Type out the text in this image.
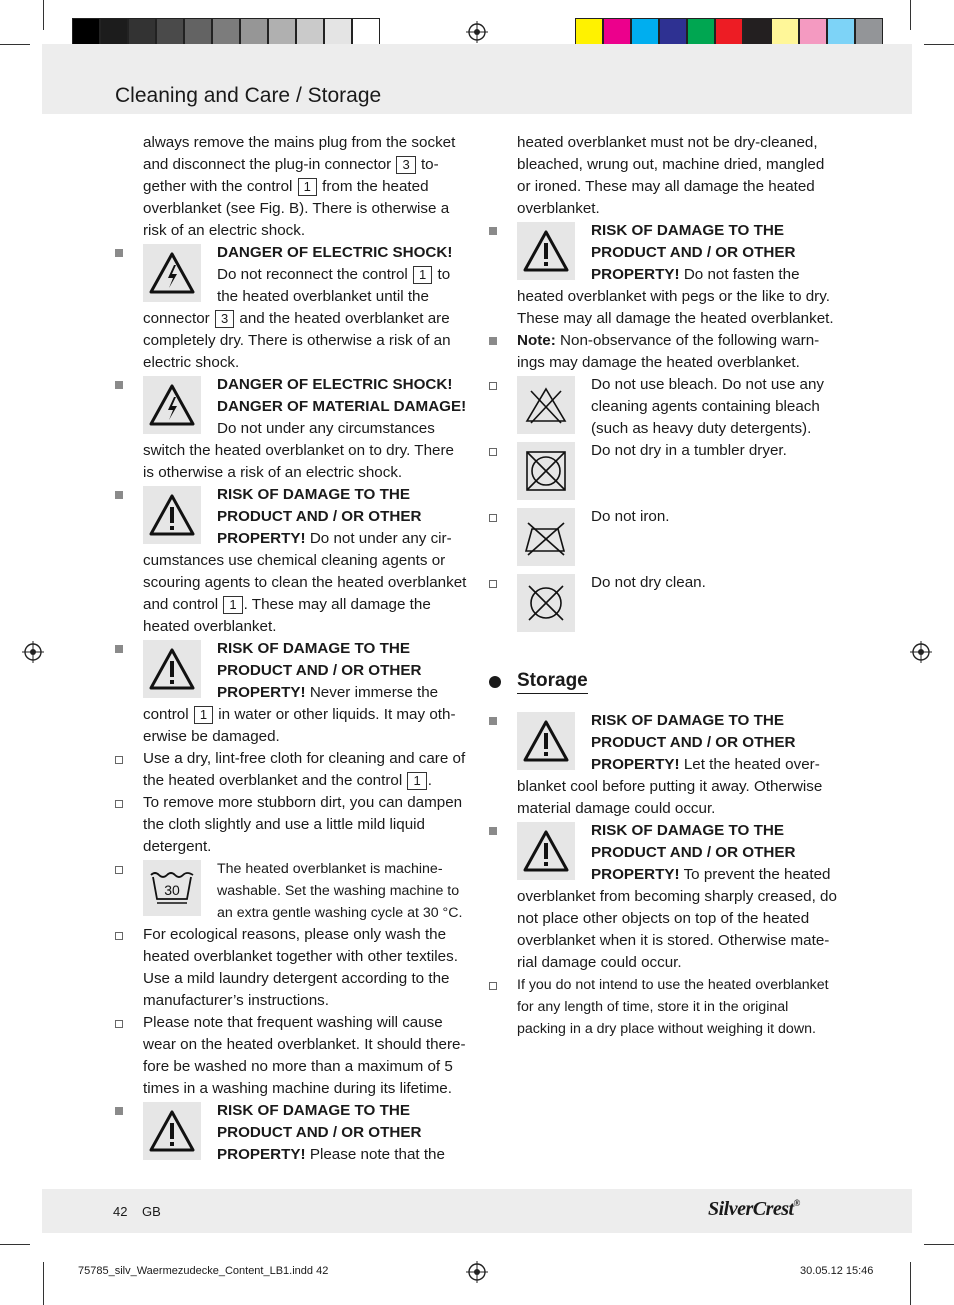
Cleaning and Care / Storage
always remove the mains plug from the socket and disconnect the plug-in connector 3 together with the control 1 from the heated overblanket (see Fig. B). There is otherwise a risk of an electric shock.
DANGER OF ELECTRIC SHOCK! Do not reconnect the control 1 to the heated overblanket until the connector 3 and the heated overblanket are completely dry. There is otherwise a risk of an electric shock.
DANGER OF ELECTRIC SHOCK! DANGER OF MATERIAL DAMAGE! Do not under any circumstances switch the heated overblanket on to dry. There is otherwise a risk of an electric shock.
RISK OF DAMAGE TO THE PRODUCT AND / OR OTHER PROPERTY! Do not under any circumstances use chemical cleaning agents or scouring agents to clean the heated overblanket and control 1 . These may all damage the heated overblanket.
RISK OF DAMAGE TO THE PRODUCT AND / OR OTHER PROPERTY! Never immerse the control 1 in water or other liquids. It may otherwise be damaged.
Use a dry, lint-free cloth for cleaning and care of the heated overblanket and the control 1 .
To remove more stubborn dirt, you can dampen the cloth slightly and use a little mild liquid detergent.
30
The heated overblanket is machinewashable. Set the washing machine to an extra gentle washing cycle at 30 °C.
For ecological reasons, please only wash the heated overblanket together with other textiles. Use a mild laundry detergent according to the manufacturer’s instructions.
Please note that frequent washing will cause wear on the heated overblanket. It should therefore be washed no more than a maximum of 5 times in a washing machine during its lifetime.
RISK OF DAMAGE TO THE PRODUCT AND / OR OTHER PROPERTY! Please note that the
heated overblanket must not be dry-cleaned, bleached, wrung out, machine dried, mangled or ironed. These may all damage the heated overblanket.
RISK OF DAMAGE TO THE PRODUCT AND / OR OTHER PROPERTY! Do not fasten the heated overblanket with pegs or the like to dry. These may all damage the heated overblanket.
Note: Non-observance of the following warnings may damage the heated overblanket.
Do not use bleach. Do not use any cleaning agents containing bleach (such as heavy duty detergents).
Do not dry in a tumbler dryer.
Do not iron.
Do not dry clean.
Storage
RISK OF DAMAGE TO THE PRODUCT AND / OR OTHER PROPERTY! Let the heated overblanket cool before putting it away. Otherwise material damage could occur.
RISK OF DAMAGE TO THE PRODUCT AND / OR OTHER PROPERTY! To prevent the heated overblanket from becoming sharply creased, do not place other objects on top of the heated overblanket when it is stored. Otherwise material damage could occur.
If you do not intend to use the heated overblanket for any length of time, store it in the original packing in a dry place without weighing it down.
42 GB	SilverCrest®
75785_silv_Waermezudecke_Content_LB1.indd 42	30.05.12 15:46
